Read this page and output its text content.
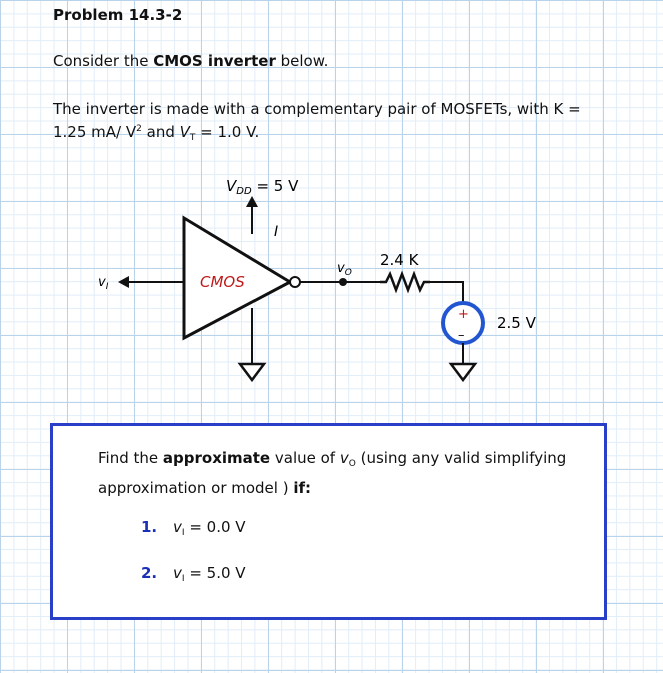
Problem 14.3-2
Consider the CMOS inverter below.
The inverter is made with a complementary pair of MOSFETs, with K =
1.25 mA/ $V^2$ and $V_T = 1.0$ V.
$V_{DD} = 5$ V
I
CMOS
$v_I$
$v_O$
2.4 K
+
–
2.5 V
Find the approximate value of $v_O$ (using any valid simplifying approximation or model ) if:
1. $v_I = 0.0$ V
2. $v_I = 5.0$ V
